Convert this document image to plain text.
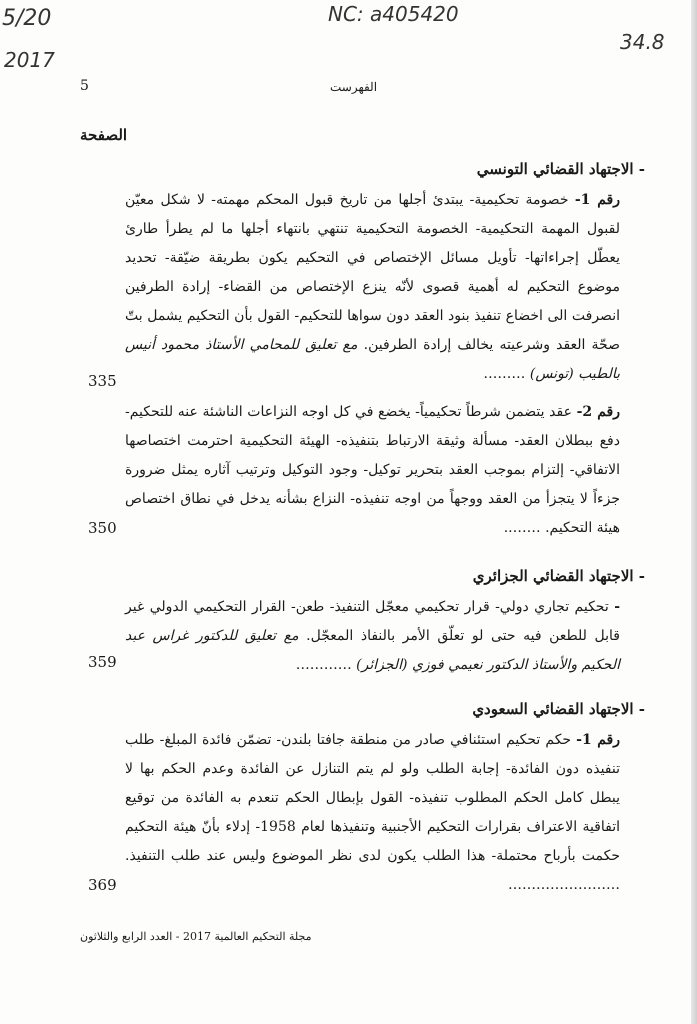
5/20
2017
NC: a405420
34.8
5	الفهرست
الصفحة
- الاجتهاد القضائي التونسي
رقم 1- خصومة تحكيمية- يبتدئ أجلها من تاريخ قبول المحكم مهمته- لا شكل معيّن لقبول المهمة التحكيمية- الخصومة التحكيمية تنتهي بانتهاء أجلها ما لم يطرأ طارئ يعطّل إجراءاتها- تأويل مسائل الإختصاص في التحكيم يكون بطريقة ضيّقة- تحديد موضوع التحكيم له أهمية قصوى لأنّه ينزع الإختصاص من القضاء- إرادة الطرفين انصرفت الى اخضاع تنفيذ بنود العقد دون سواها للتحكيم- القول بأن التحكيم يشمل بتّ صحّة العقد وشرعيته يخالف إرادة الطرفين. مع تعليق للمحامي الأستاذ محمود أنيس بالطيب (تونس) ………
335
رقم 2- عقد يتضمن شرطاً تحكيمياً- يخضع في كل اوجه النزاعات الناشئة عنه للتحكيم- دفع ببطلان العقد- مسألة وثيقة الارتباط بتنفيذه- الهيئة التحكيمية احترمت اختصاصها الاتفاقي- إلتزام بموجب العقد بتحرير توكيل- وجود التوكيل وترتيب آثاره يمثل ضرورة جزءاً لا يتجزأ من العقد ووجهاً من اوجه تنفيذه- النزاع بشأنه يدخل في نطاق اختصاص هيئة التحكيم. ……..
350
- الاجتهاد القضائي الجزائري
- تحكيم تجاري دولي- قرار تحكيمي معجّل التنفيذ- طعن- القرار التحكيمي الدولي غير قابل للطعن فيه حتى لو تعلّق الأمر بالنفاذ المعجّل. مع تعليق للدكتور غراس عبد الحكيم والأستاذ الدكتور نعيمي فوزي (الجزائر) …………
359
- الاجتهاد القضائي السعودي
رقم 1- حكم تحكيم استئنافي صادر من منطقة جافتا بلندن- تضمّن فائدة المبلغ- طلب تنفيذه دون الفائدة- إجابة الطلب ولو لم يتم التنازل عن الفائدة وعدم الحكم بها لا يبطل كامل الحكم المطلوب تنفيذه- القول بإبطال الحكم تنعدم به الفائدة من توقيع اتفاقية الاعتراف بقرارات التحكيم الأجنبية وتنفيذها لعام 1958- إدلاء بأنّ هيئة التحكيم حكمت بأرباح محتملة- هذا الطلب يكون لدى نظر الموضوع وليس عند طلب التنفيذ. ……………………
369
مجلة التحكيم العالمية 2017 - العدد الرابع والثلاثون
